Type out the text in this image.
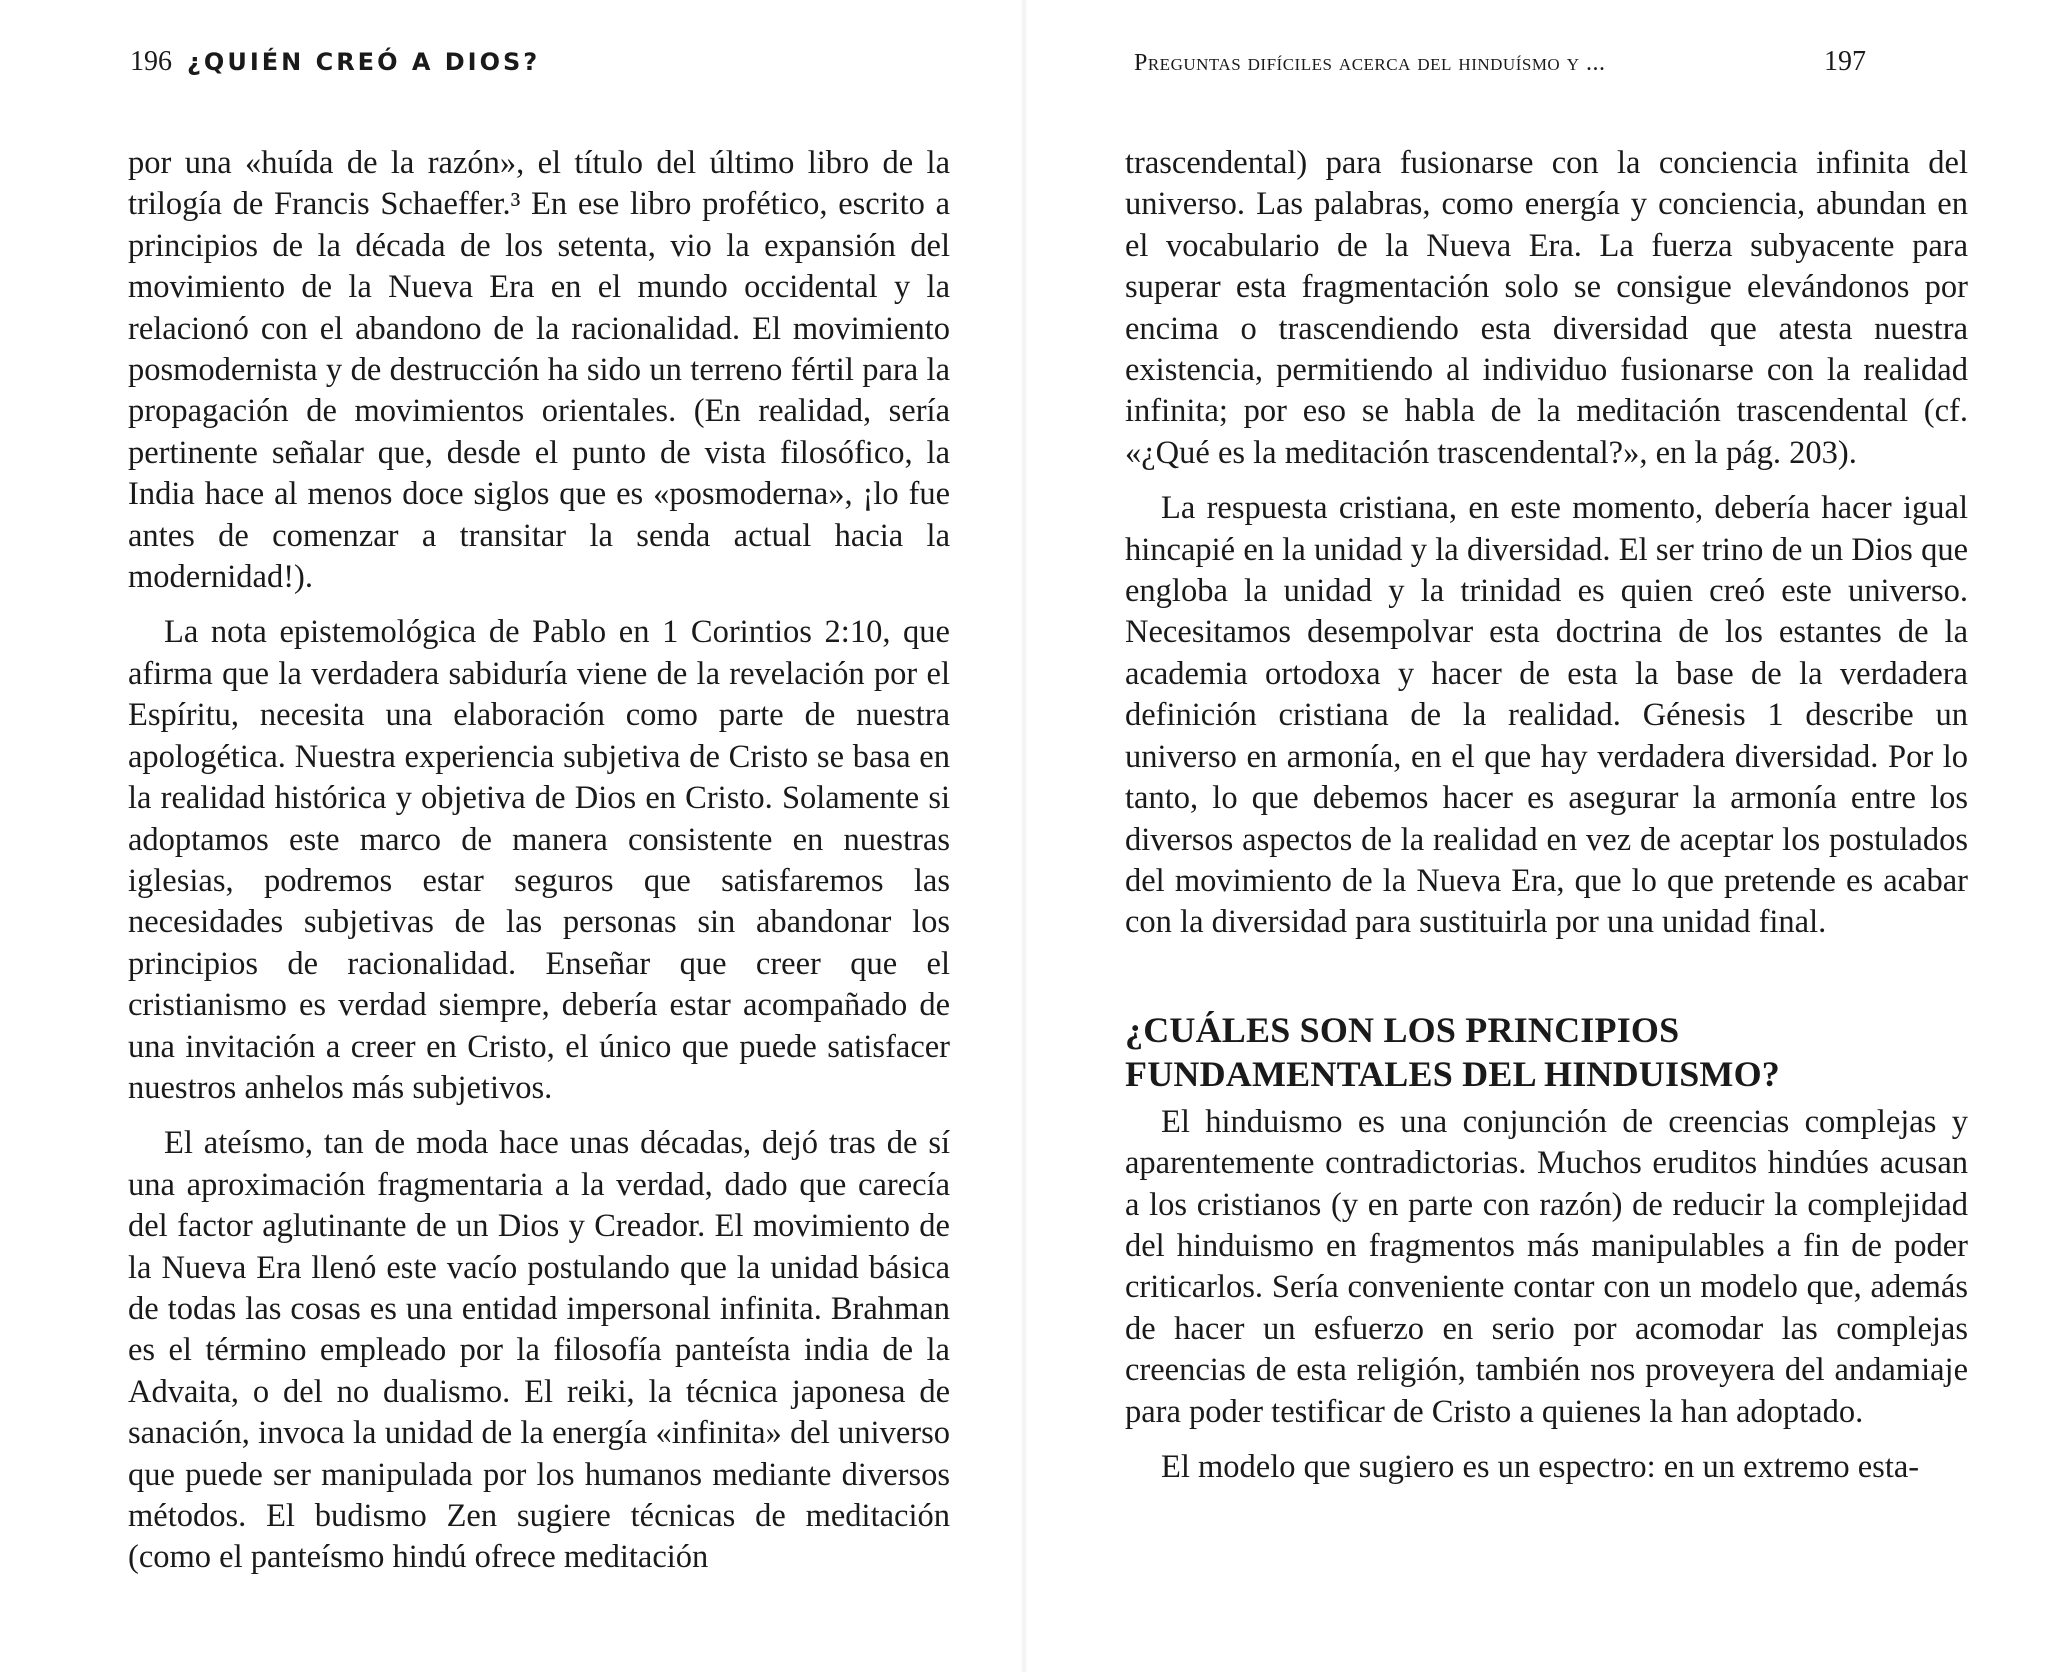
196 ¿QUIÉN CREÓ A DIOS?

por una «huída de la razón», el título del último libro de la trilogía de Francis Schaeffer.³ En ese libro profético, escrito a principios de la década de los setenta, vio la expansión del movimiento de la Nueva Era en el mundo occidental y la relacionó con el abandono de la racionalidad. El movimiento posmodernista y de destrucción ha sido un terreno fértil para la propagación de movimientos orientales. (En realidad, sería pertinente señalar que, desde el punto de vista filosófico, la India hace al menos doce siglos que es «posmoderna», ¡lo fue antes de comenzar a transitar la senda actual hacia la modernidad!).

La nota epistemológica de Pablo en 1 Corintios 2:10, que afirma que la verdadera sabiduría viene de la revelación por el Espíritu, necesita una elaboración como parte de nuestra apologética. Nuestra experiencia subjetiva de Cristo se basa en la realidad histórica y objetiva de Dios en Cristo. Solamente si adoptamos este marco de manera consistente en nuestras iglesias, podremos estar seguros que satisfaremos las necesidades subjetivas de las personas sin abandonar los principios de racionalidad. Enseñar que creer que el cristianismo es verdad siempre, debería estar acompañado de una invitación a creer en Cristo, el único que puede satisfacer nuestros anhelos más subjetivos.

El ateísmo, tan de moda hace unas décadas, dejó tras de sí una aproximación fragmentaria a la verdad, dado que carecía del factor aglutinante de un Dios y Creador. El movimiento de la Nueva Era llenó este vacío postulando que la unidad básica de todas las cosas es una entidad impersonal infinita. Brahman es el término empleado por la filosofía panteísta india de la Advaita, o del no dualismo. El reiki, la técnica japonesa de sanación, invoca la unidad de la energía «infinita» del universo que puede ser manipulada por los humanos mediante diversos métodos. El budismo Zen sugiere técnicas de meditación (como el panteísmo hindú ofrece meditación

Preguntas difíciles acerca del hinduísmo y ...	197

trascendental) para fusionarse con la conciencia infinita del universo. Las palabras, como energía y conciencia, abundan en el vocabulario de la Nueva Era. La fuerza subyacente para superar esta fragmentación solo se consigue elevándonos por encima o trascendiendo esta diversidad que atesta nuestra existencia, permitiendo al individuo fusionarse con la realidad infinita; por eso se habla de la meditación trascendental (cf. «¿Qué es la meditación trascendental?», en la pág. 203).

La respuesta cristiana, en este momento, debería hacer igual hincapié en la unidad y la diversidad. El ser trino de un Dios que engloba la unidad y la trinidad es quien creó este universo. Necesitamos desempolvar esta doctrina de los estantes de la academia ortodoxa y hacer de esta la base de la verdadera definición cristiana de la realidad. Génesis 1 describe un universo en armonía, en el que hay verdadera diversidad. Por lo tanto, lo que debemos hacer es asegurar la armonía entre los diversos aspectos de la realidad en vez de aceptar los postulados del movimiento de la Nueva Era, que lo que pretende es acabar con la diversidad para sustituirla por una unidad final.

¿CUÁLES SON LOS PRINCIPIOS FUNDAMENTALES DEL HINDUISMO?

El hinduismo es una conjunción de creencias complejas y aparentemente contradictorias. Muchos eruditos hindúes acusan a los cristianos (y en parte con razón) de reducir la complejidad del hinduismo en fragmentos más manipulables a fin de poder criticarlos. Sería conveniente contar con un modelo que, además de hacer un esfuerzo en serio por acomodar las complejas creencias de esta religión, también nos proveyera del andamiaje para poder testificar de Cristo a quienes la han adoptado.

El modelo que sugiero es un espectro: en un extremo esta-
